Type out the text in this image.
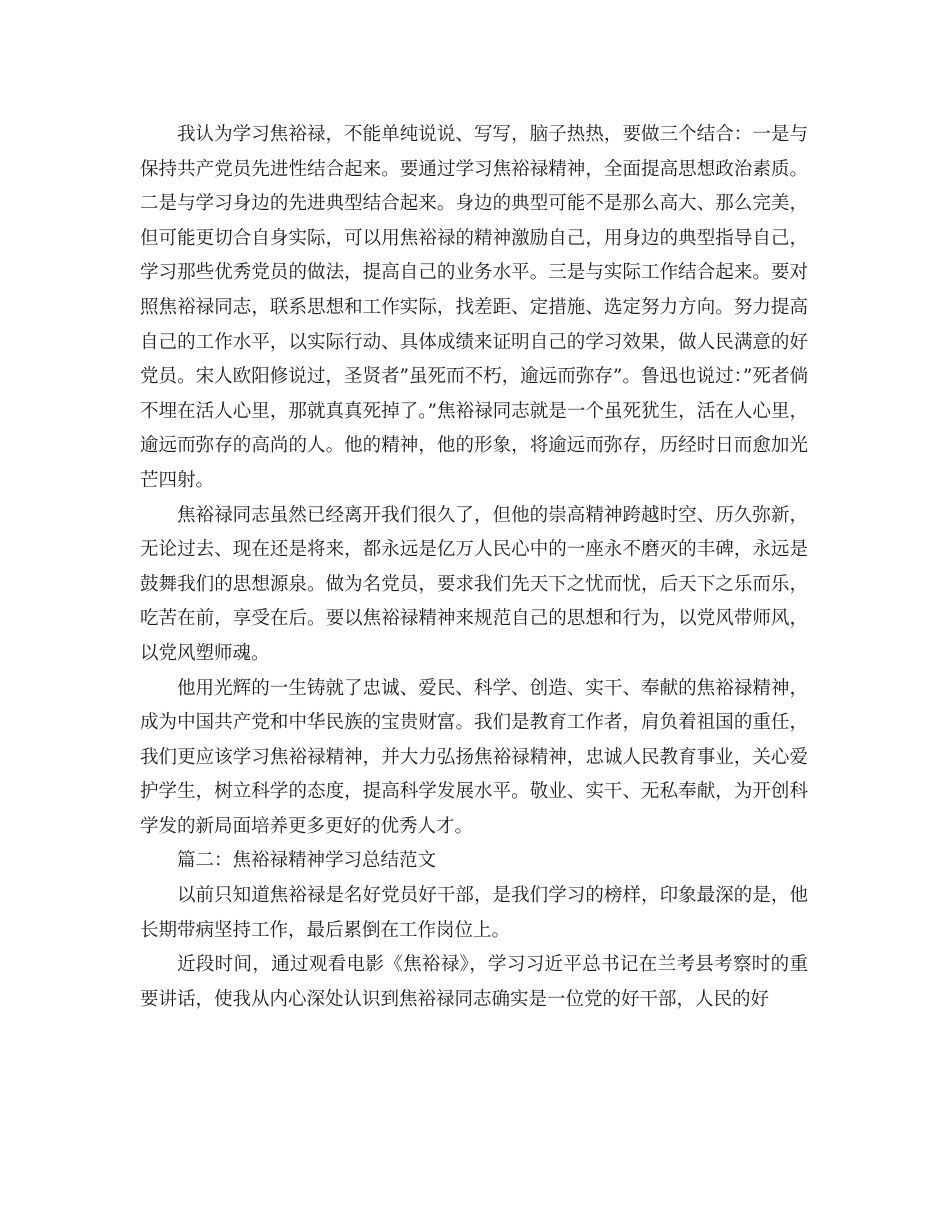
我认为学习焦裕禄，不能单纯说说、写写，脑子热热，要做三个结合：一是与保持共产党员先进性结合起来。要通过学习焦裕禄精神，全面提高思想政治素质。二是与学习身边的先进典型结合起来。身边的典型可能不是那么高大、那么完美，但可能更切合自身实际，可以用焦裕禄的精神激励自己，用身边的典型指导自己，学习那些优秀党员的做法，提高自己的业务水平。三是与实际工作结合起来。要对照焦裕禄同志，联系思想和工作实际，找差距、定措施、选定努力方向。努力提高自己的工作水平，以实际行动、具体成绩来证明自己的学习效果，做人民满意的好党员。宋人欧阳修说过，圣贤者”虽死而不朽，逾远而弥存”。鲁迅也说过：”死者倘不埋在活人心里，那就真真死掉了。”焦裕禄同志就是一个虽死犹生，活在人心里，逾远而弥存的高尚的人。他的精神，他的形象，将逾远而弥存，历经时日而愈加光芒四射。

焦裕禄同志虽然已经离开我们很久了，但他的崇高精神跨越时空、历久弥新，无论过去、现在还是将来，都永远是亿万人民心中的一座永不磨灭的丰碑，永远是鼓舞我们的思想源泉。做为名党员，要求我们先天下之忧而忧，后天下之乐而乐，吃苦在前，享受在后。要以焦裕禄精神来规范自己的思想和行为，以党风带师风，以党风塑师魂。

他用光辉的一生铸就了忠诚、爱民、科学、创造、实干、奉献的焦裕禄精神，成为中国共产党和中华民族的宝贵财富。我们是教育工作者，肩负着祖国的重任，我们更应该学习焦裕禄精神，并大力弘扬焦裕禄精神，忠诚人民教育事业，关心爱护学生，树立科学的态度，提高科学发展水平。敬业、实干、无私奉献，为开创科学发的新局面培养更多更好的优秀人才。

篇二：焦裕禄精神学习总结范文

以前只知道焦裕禄是名好党员好干部，是我们学习的榜样，印象最深的是，他长期带病坚持工作，最后累倒在工作岗位上。

近段时间，通过观看电影《焦裕禄》，学习习近平总书记在兰考县考察时的重要讲话，使我从内心深处认识到焦裕禄同志确实是一位党的好干部，人民的好
